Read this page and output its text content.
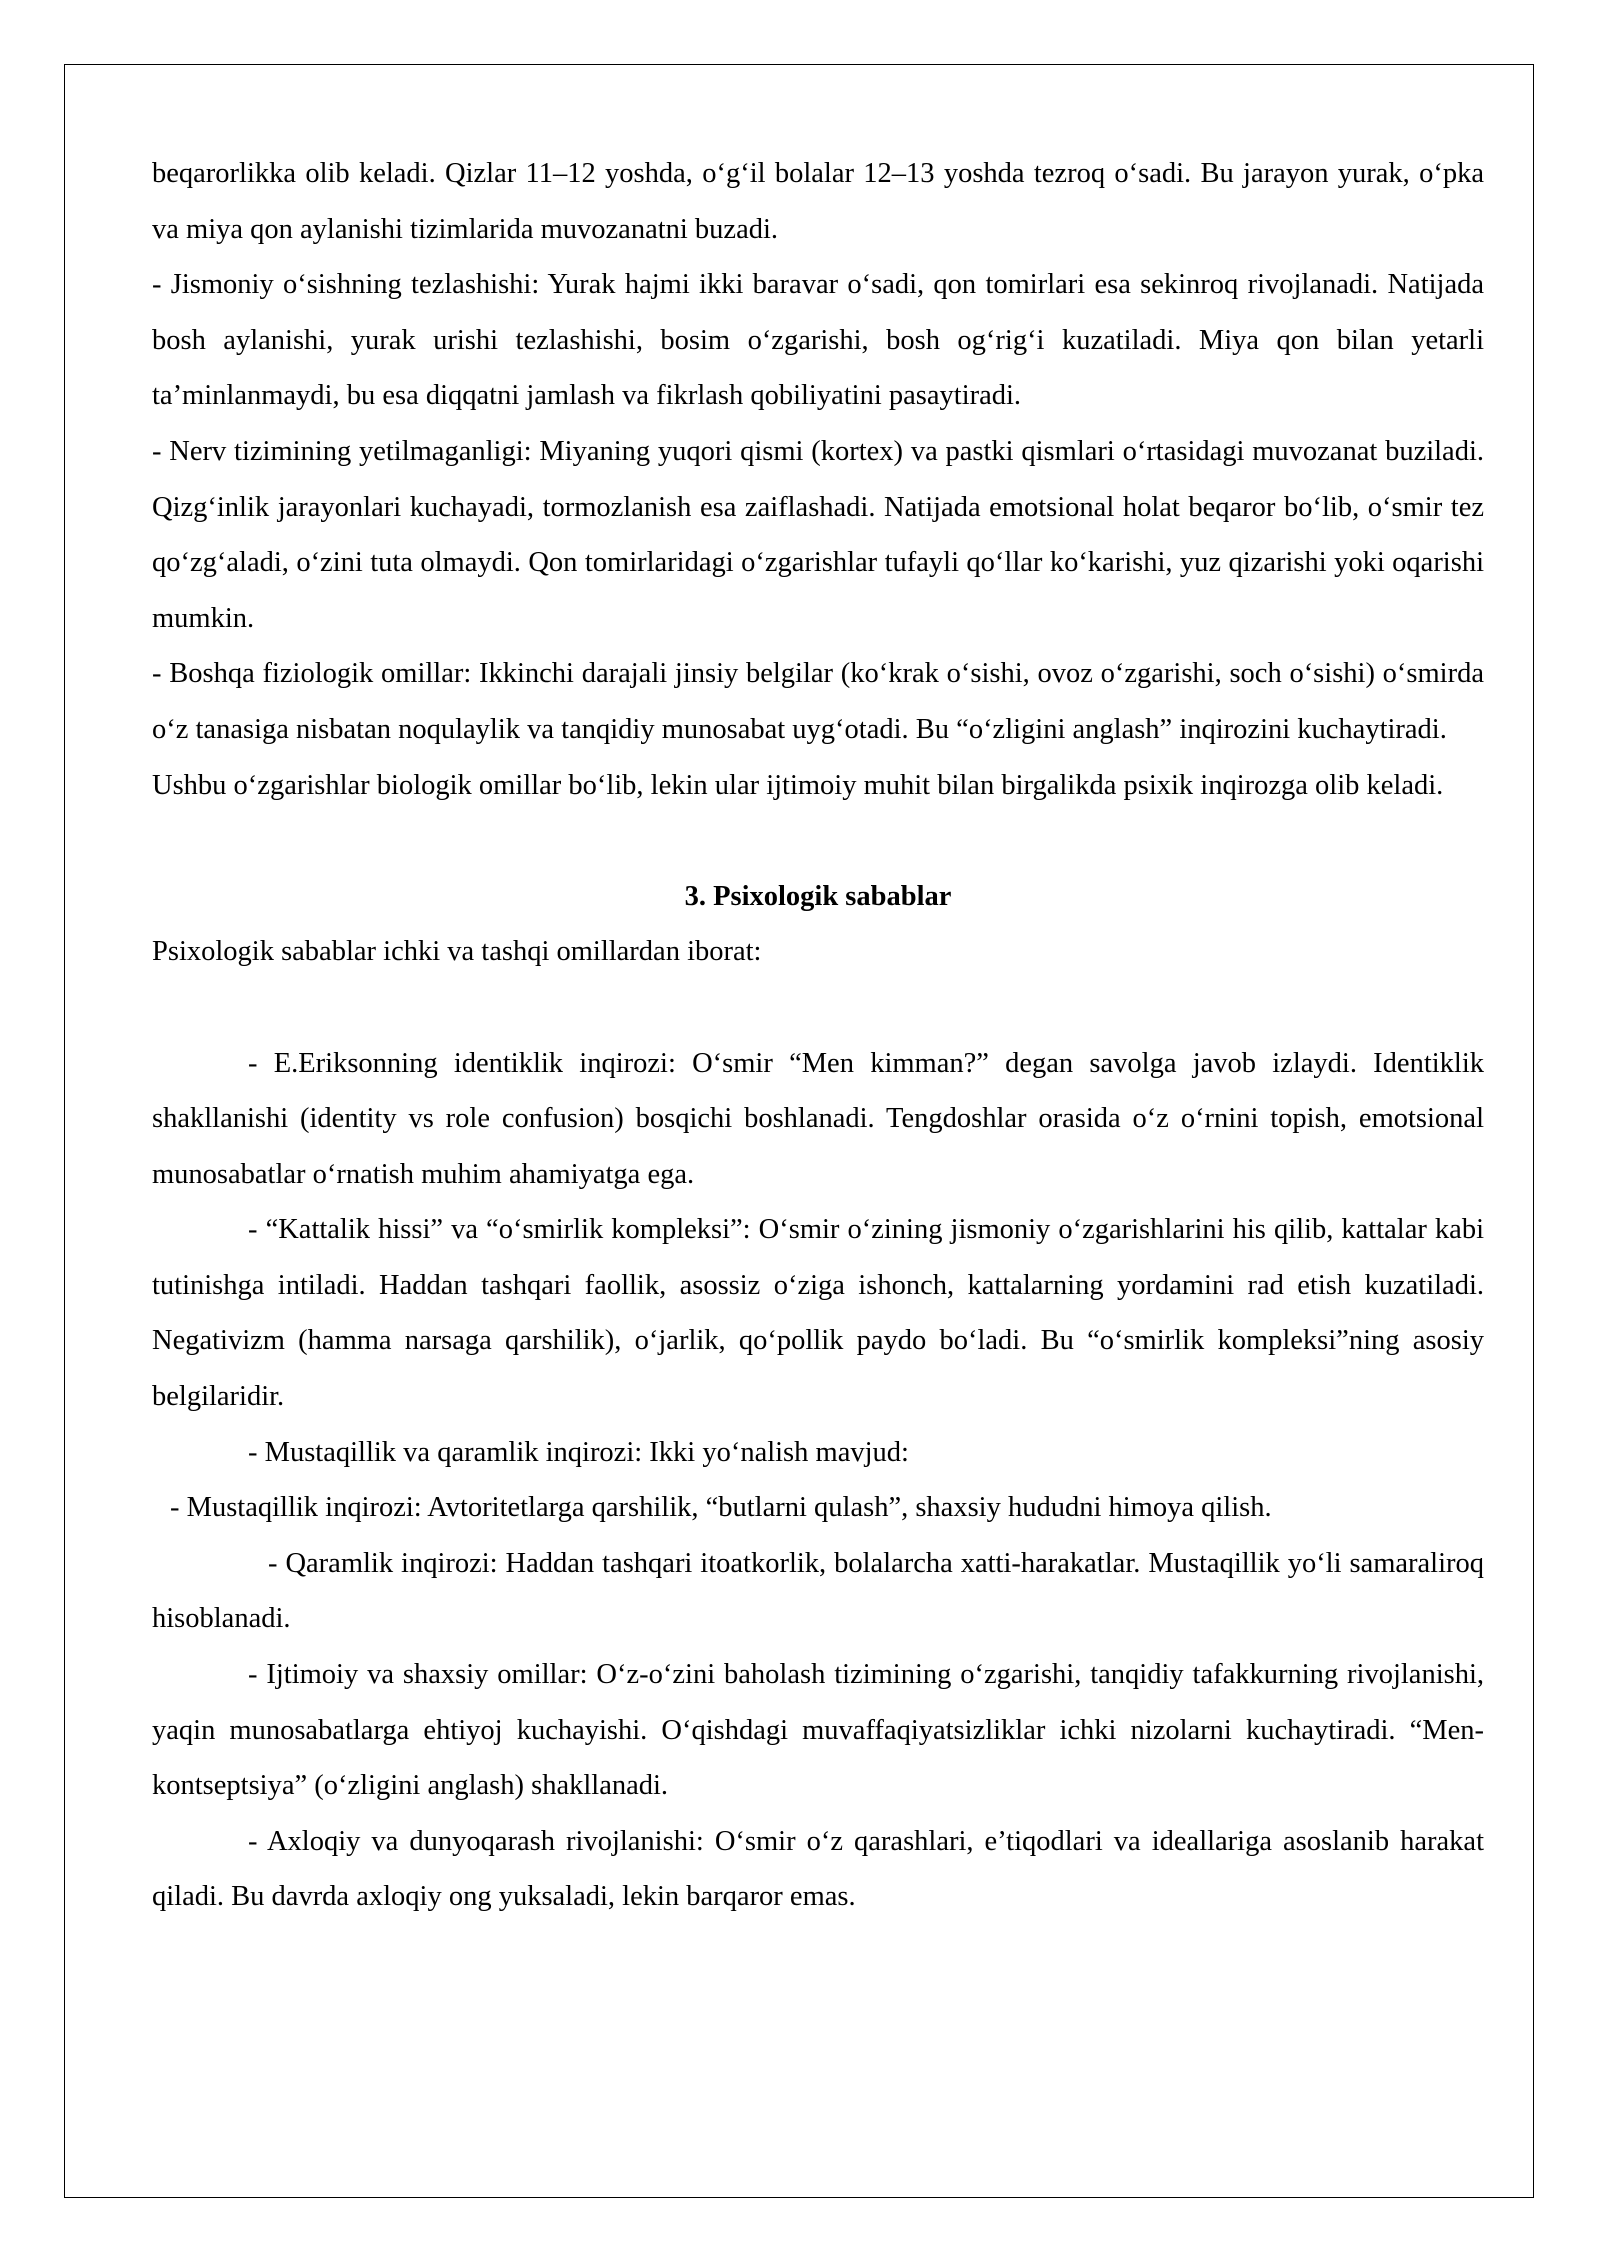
beqarorlikka olib keladi. Qizlar 11–12 yoshda, o‘g‘il bolalar 12–13 yoshda tezroq o‘sadi. Bu jarayon yurak, o‘pka va miya qon aylanishi tizimlarida muvozanatni buzadi.

- Jismoniy o‘sishning tezlashishi: Yurak hajmi ikki baravar o‘sadi, qon tomirlari esa sekinroq rivojlanadi. Natijada bosh aylanishi, yurak urishi tezlashishi, bosim o‘zgarishi, bosh og‘rig‘i kuzatiladi. Miya qon bilan yetarli ta’minlanmaydi, bu esa diqqatni jamlash va fikrlash qobiliyatini pasaytiradi.

- Nerv tizimining yetilmaganligi: Miyaning yuqori qismi (kortex) va pastki qismlari o‘rtasidagi muvozanat buziladi. Qizg‘inlik jarayonlari kuchayadi, tormozlanish esa zaiflashadi. Natijada emotsional holat beqaror bo‘lib, o‘smir tez qo‘zg‘aladi, o‘zini tuta olmaydi. Qon tomirlaridagi o‘zgarishlar tufayli qo‘llar ko‘karishi, yuz qizarishi yoki oqarishi mumkin.

- Boshqa fiziologik omillar: Ikkinchi darajali jinsiy belgilar (ko‘krak o‘sishi, ovoz o‘zgarishi, soch o‘sishi) o‘smirda o‘z tanasiga nisbatan noqulaylik va tanqidiy munosabat uyg‘otadi. Bu “o‘zligini anglash” inqirozini kuchaytiradi.

Ushbu o‘zgarishlar biologik omillar bo‘lib, lekin ular ijtimoiy muhit bilan birgalikda psixik inqirozga olib keladi.

3. Psixologik sabablar

Psixologik sabablar ichki va tashqi omillardan iborat:

- E.Eriksonning identiklik inqirozi: O‘smir “Men kimman?” degan savolga javob izlaydi. Identiklik shakllanishi (identity vs role confusion) bosqichi boshlanadi. Tengdoshlar orasida o‘z o‘rnini topish, emotsional munosabatlar o‘rnatish muhim ahamiyatga ega.

- “Kattalik hissi” va “o‘smirlik kompleksi”: O‘smir o‘zining jismoniy o‘zgarishlarini his qilib, kattalar kabi tutinishga intiladi. Haddan tashqari faollik, asossiz o‘ziga ishonch, kattalarning yordamini rad etish kuzatiladi. Negativizm (hamma narsaga qarshilik), o‘jarlik, qo‘pollik paydo bo‘ladi. Bu “o‘smirlik kompleksi”ning asosiy belgilaridir.

- Mustaqillik va qaramlik inqirozi: Ikki yo‘nalish mavjud:

- Mustaqillik inqirozi: Avtoritetlarga qarshilik, “butlarni qulash”, shaxsiy hududni himoya qilish.

- Qaramlik inqirozi: Haddan tashqari itoatkorlik, bolalarcha xatti-harakatlar. Mustaqillik yo‘li samaraliroq hisoblanadi.

- Ijtimoiy va shaxsiy omillar: O‘z-o‘zini baholash tizimining o‘zgarishi, tanqidiy tafakkurning rivojlanishi, yaqin munosabatlarga ehtiyoj kuchayishi. O‘qishdagi muvaffaqiyatsizliklar ichki nizolarni kuchaytiradi. “Men-kontseptsiya” (o‘zligini anglash) shakllanadi.

- Axloqiy va dunyoqarash rivojlanishi: O‘smir o‘z qarashlari, e’tiqodlari va ideallariga asoslanib harakat qiladi. Bu davrda axloqiy ong yuksaladi, lekin barqaror emas.
